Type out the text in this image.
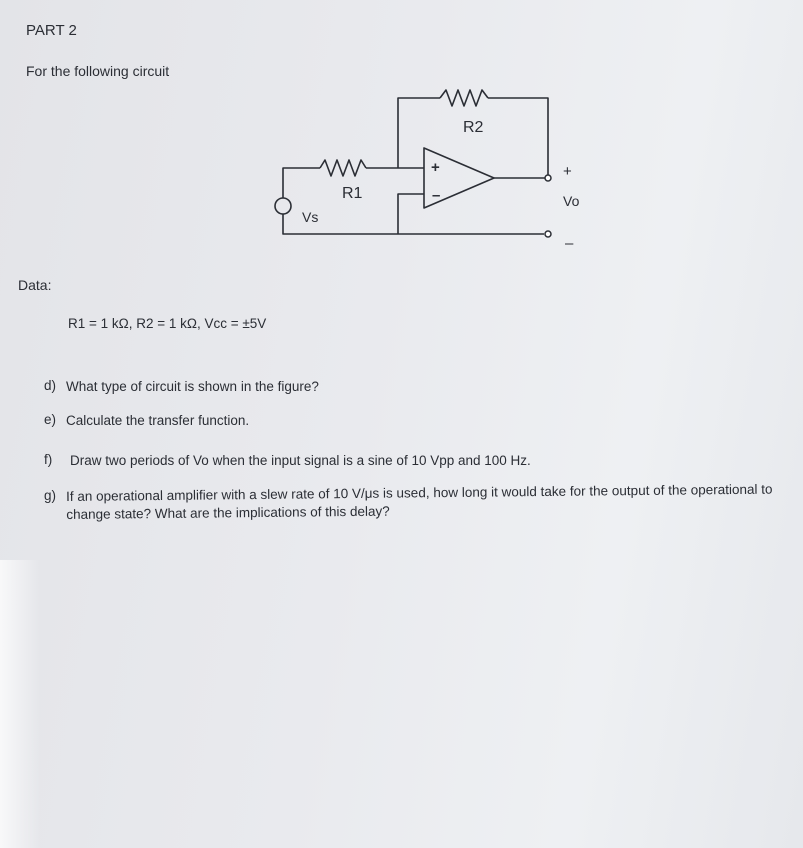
PART 2
For the following circuit
R1
R2
Vs
Vo
+
–
+
–
Data:
R1 = 1 kΩ, R2 = 1 kΩ, Vcc = ±5V
d) What type of circuit is shown in the figure?
e) Calculate the transfer function.
f) Draw two periods of Vo when the input signal is a sine of 10 Vpp and 100 Hz.
g) If an operational amplifier with a slew rate of 10 V/μs is used, how long it would take for the output of the operational to change state? What are the implications of this delay?
